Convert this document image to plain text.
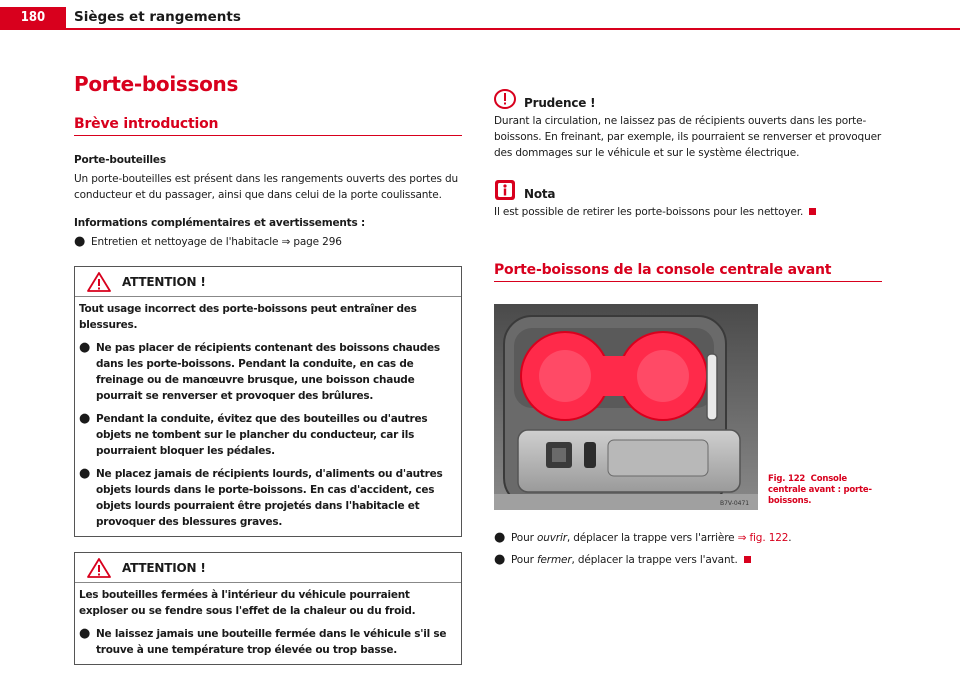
180	Sièges et rangements
Porte-boissons
Brève introduction
Porte-bouteilles

Un porte-bouteilles est présent dans les rangements ouverts des portes du conducteur et du passager, ainsi que dans celui de la porte coulissante.

Informations complémentaires et avertissements :
● Entretien et nettoyage de l'habitacle ⇒ page 296
ATTENTION !
Tout usage incorrect des porte-boissons peut entraîner des blessures.
● Ne pas placer de récipients contenant des boissons chaudes dans les porte-boissons. Pendant la conduite, en cas de freinage ou de manœuvre brusque, une boisson chaude pourrait se renverser et provoquer des brûlures.
● Pendant la conduite, évitez que des bouteilles ou d'autres objets ne tombent sur le plancher du conducteur, car ils pourraient bloquer les pédales.
● Ne placez jamais de récipients lourds, d'aliments ou d'autres objets lourds dans le porte-boissons. En cas d'accident, ces objets lourds pourraient être projetés dans l'habitacle et provoquer des blessures graves.
ATTENTION !
Les bouteilles fermées à l'intérieur du véhicule pourraient exploser ou se fendre sous l'effet de la chaleur ou du froid.
● Ne laissez jamais une bouteille fermée dans le véhicule s'il se trouve à une température trop élevée ou trop basse.
Prudence !

Durant la circulation, ne laissez pas de récipients ouverts dans les porte-boissons. En freinant, par exemple, ils pourraient se renverser et provoquer des dommages sur le véhicule et sur le système électrique.

Nota

Il est possible de retirer les porte-boissons pour les nettoyer.

Porte-boissons de la console centrale avant
B7V-0471
Fig. 122 Console centrale avant : porte-boissons.
● Pour ouvrir, déplacer la trappe vers l'arrière ⇒ fig. 122.
● Pour fermer, déplacer la trappe vers l'avant.
